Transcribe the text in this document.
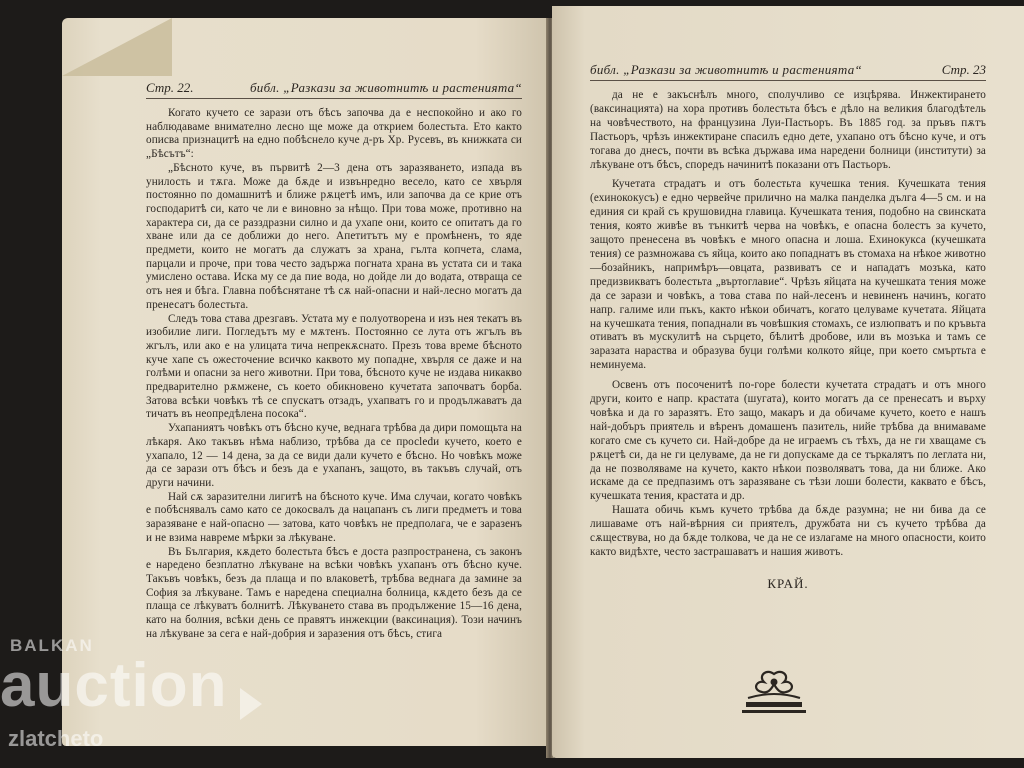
Стр. 22.	библ. „Разкази за животнитѣ и растенията“

Когато кучето се зарази отъ бѣсъ започва да е неспокойно и ако го наблюдаваме внимателно лесно ще може да открием болестьта. Ето както описва признацитѣ на едно побѣснело куче д-ръ Хр. Русевъ, въ книжката си „Бѣсътъ“:

„Бѣсното куче, въ първитѣ 2—3 дена отъ заразяването, изпада въ унилость и тѫга. Може да бѫде и извънредно весело, като се хвърля постоянно по домашнитѣ и ближе рѫцетѣ имъ, или започва да се крие отъ господаритѣ си, като че ли е виновно за нѣщо. При това може, противно на характера си, да се разздразни силно и да ухапе они, които се опитатъ да го хване или да се доближи до него. Апетитътъ му е промѣненъ, то яде предмети, които не могатъ да служатъ за храна, гълта копчета, слама, парцали и проче, при това често задържа погната храна въ устата си и така умислено остава. Иска му се да пие вода, но дойде ли до водата, отвраща се отъ нея и бѣга. Главна побѣснятане тѣ сѫ най-опасни и най-лесно могатъ да пренесатъ болестьта.

Следъ това става дрезгавъ. Устата му е полуотворена и изъ нея текатъ въ изобилие лиги. Погледътъ му е мѫтенъ. Постоянно се лута отъ жгълъ въ жгълъ, или ако е на улицата тича непрекѫснато. Презъ това време бѣсното куче хапе съ ожесточение всичко каквото му попадне, хвърля се даже и на голѣми и опасни за него животни. При това, бѣсното куче не издава никакво предварително рѫмжене, съ което обикновено кучетата започватъ борба. Затова всѣки човѣкъ тѣ се спускатъ отзадъ, ухапватъ го и продължаватъ да тичатъ въ неопредѣлена посока“.

Ухапаниятъ човѣкъ отъ бѣсно куче, веднага трѣбва да дири помощьта на лѣкаря. Ако такъвъ нѣма наблизо, трѣбва да се просledи кучето, което е ухапало, 12 — 14 дена, за да се види дали кучето е бѣсно. Но човѣкъ може да се зарази отъ бѣсъ и безъ да е ухапанъ, защото, въ такъвъ случай, отъ други начини.

Най сѫ заразителни лигитѣ на бѣсното куче. Има случаи, когато човѣкъ е побѣснявалъ само като се докосвалъ да нацапанъ съ лиги предметъ и това заразяване е най-опасно — затова, като човѣкъ не предполага, че е заразенъ и не взима навреме мѣрки за лѣкуване.

Въ България, кѫдето болестьта бѣсъ е доста разпространена, съ законъ е наредено безплатно лѣкуване на всѣки човѣкъ ухапанъ отъ бѣсно куче. Такъвъ човѣкъ, безъ да плаща и по влаковетѣ, трѣбва веднага да замине за София за лѣкуване. Тамъ е наредена специална болница, кѫдето безъ да се плаща се лѣкуватъ болнитѣ. Лѣкуването става въ продължение 15—16 дена, като на болния, всѣки день се правятъ инжекции (ваксинация). Този начинъ на лѣкуване за сега е най-добрия и заразения отъ бѣсъ, стига

библ. „Разкази за животнитѣ и растенията“	Стр. 23

да не е закъснѣлъ много, сполучливо се изцѣрява. Инжектирането (ваксинацията) на хора противъ болестьта бѣсъ е дѣло на великия благодѣтель на човѣчеството, на французина Луи-Пастьоръ. Въ 1885 год. за пръвъ пѫтъ Пастьоръ, чрѣзъ инжектиране спасилъ едно дете, ухапано отъ бѣсно куче, и отъ тогава до днесъ, почти въ всѣка държава има наредени болници (институти) за лѣкуване отъ бѣсъ, споредъ начинитѣ показани отъ Пастьоръ.

Кучетата страдатъ и отъ болестьта кучешка тения. Кучешката тения (ехинококусъ) е едно червейче прилично на малка панделка дълга 4—5 см. и на единия си край съ крушовидна главица. Кучешката тения, подобно на свинската тения, която живѣе въ тънкитѣ черва на човѣкъ, е опасна болестъ за кучето, защото пренесена въ човѣкъ е много опасна и лоша. Ехинокукса (кучешката тения) се размножава съ яйца, които ако попаднатъ въ стомаха на нѣкое животно—бозайникъ, напримѣръ—овцата, развиватъ се и нападатъ мозъка, като предизвикватъ болестьта „въртоглавие“. Чрѣзъ яйцата на кучешката тения може да се зарази и човѣкъ, а това става по най-лесенъ и невиненъ начинъ, когато напр. галиме или пъкъ, както нѣкои обичатъ, когато целуваме кучетата. Яйцата на кучешката тения, попаднали въ човѣшкия стомахъ, се излюпватъ и по кръвьта отиватъ въ мускулитѣ на сърцето, бѣлитѣ дробове, или въ мозъка и тамъ се заразата нараства и образува буци голѣми колкото яйце, при което смъртьта е неминуема.

Освенъ отъ посоченитѣ по-горе болести кучетата страдатъ и отъ много други, които е напр. крастата (шугата), които могатъ да се пренесатъ и върху човѣка и да го заразятъ. Ето защо, макаръ и да обичаме кучето, което е нашъ най-добъръ приятель и вѣренъ домашенъ пазитель, нийе трѣбва да внимаваме когато сме съ кучето си. Най-добре да не играемъ съ тѣхъ, да не ги хващаме съ рѫцетѣ си, да не ги целуваме, да не ги допускаме да се търкалятъ по леглата ни, да не позволяваме на кучето, както нѣкои позволяватъ това, да ни ближе. Ако искаме да се предпазимъ отъ заразяване съ тѣзи лоши болести, каквато е бѣсъ, кучешката тения, крастата и др.

Нашата обичь къмъ кучето трѣбва да бѫде разумна; не ни бива да се лишаваме отъ най-вѣрния си приятелъ, дружбата ни съ кучето трѣбва да сѫществува, но да бѫде толкова, че да не се излагаме на много опасности, които както видѣхте, често застрашаватъ и нашия животъ.

КРАЙ.
BALKAN
auction
zlatcheto
